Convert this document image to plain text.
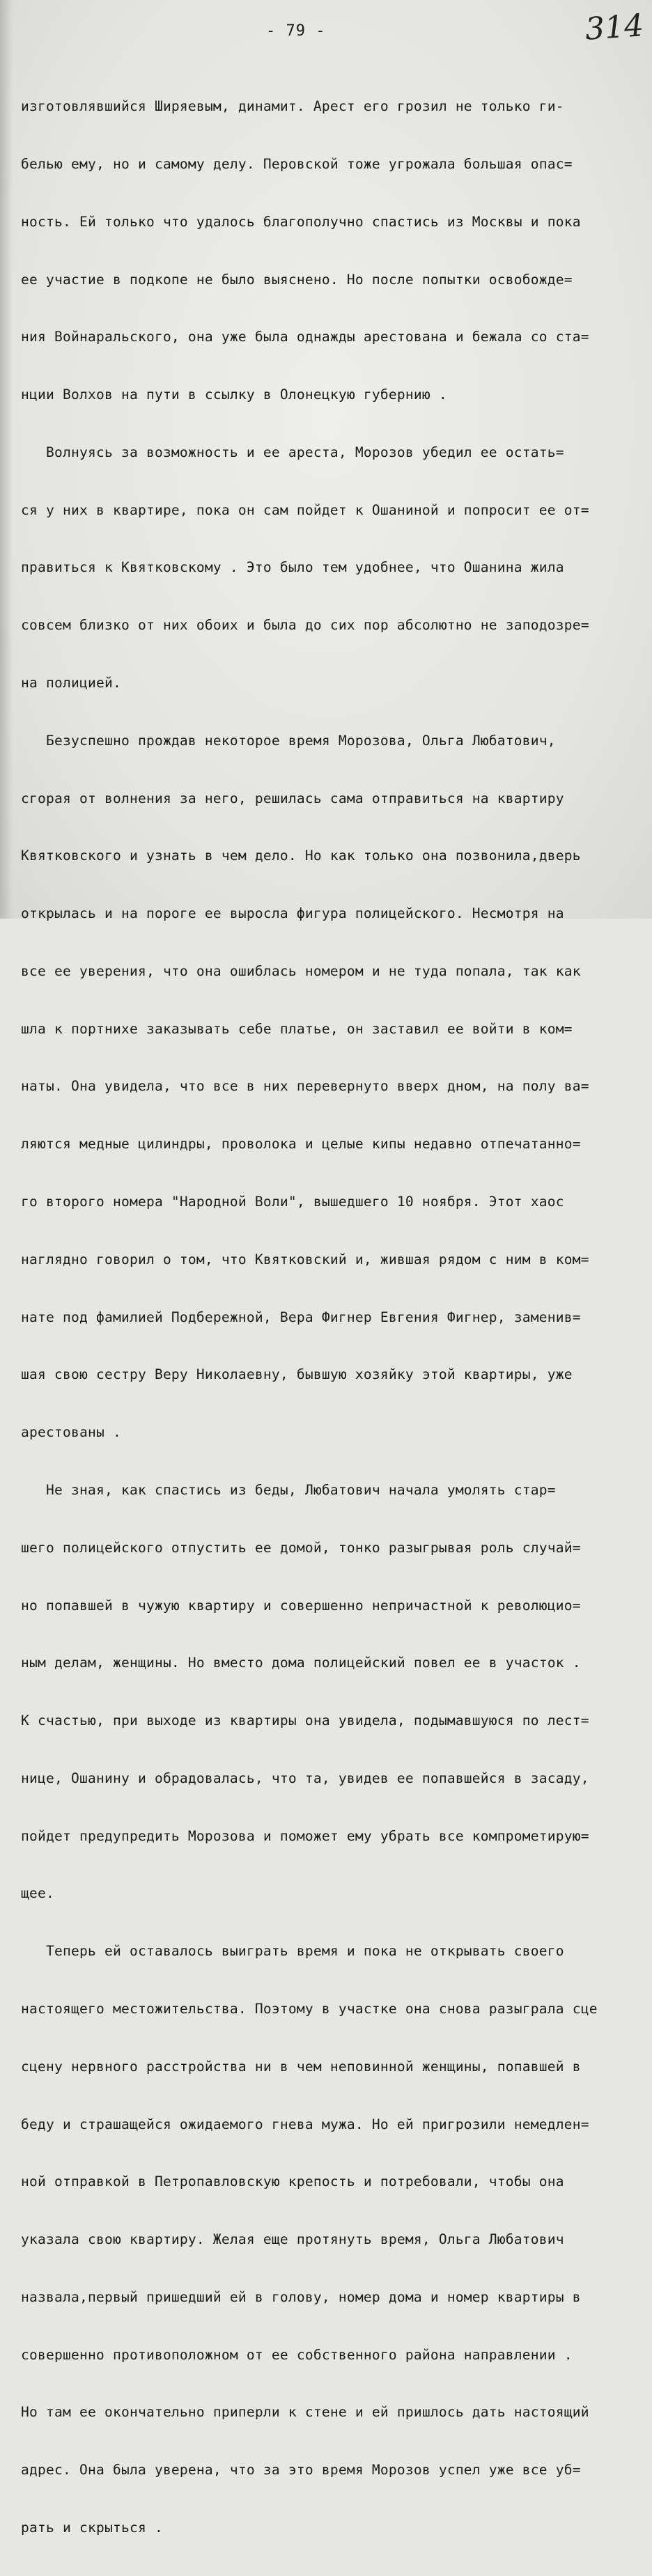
- 79 -	314

изготовлявшийся Ширяевым, динамит. Арест его грозил не только ги-

белью ему, но и самому делу. Перовской тоже угрожала большая опас=

ность. Ей только что удалось благополучно спастись из Москвы и пока

ее участие в подкопе не было выяснено. Но после попытки освобожде=

ния Войнаральского, она уже была однажды арестована и бежала со ста=

нции Волхов на пути в ссылку в Олонецкую губернию .

Волнуясь за возможность и ее ареста, Морозов убедил ее остать=

ся у них в квартире, пока он сам пойдет к Ошаниной и попросит ее от=

правиться к Квятковскому . Это было тем удобнее, что Ошанина жила

совсем близко от них обоих и была до сих пор абсолютно не заподозре=

на полицией.

Безуспешно прождав некоторое время Морозова, Ольга Любатович,

сгорая от волнения за него, решилась сама отправиться на квартиру

Квятковского и узнать в чем дело. Но как только она позвонила,дверь

открылась и на пороге ее выросла фигура полицейского. Несмотря на

все ее уверения, что она ошиблась номером и не туда попала, так как

шла к портнихе заказывать себе платье, он заставил ее войти в ком=

наты. Она увидела, что все в них перевернуто вверх дном, на полу ва=

ляются медные цилиндры, проволока и целые кипы недавно отпечатанно=

го второго номера "Народной Воли", вышедшего 10 ноября. Этот хаос

наглядно говорил о том, что Квятковский и, жившая рядом с ним в ком=

нате под фамилией Подбережной, Вера Фигнер Евгения Фигнер, заменив=

шая свою сестру Веру Николаевну, бывшую хозяйку этой квартиры, уже

арестованы .

Не зная, как спастись из беды, Любатович начала умолять стар=

шего полицейского отпустить ее домой, тонко разыгрывая роль случай=

но попавшей в чужую квартиру и совершенно непричастной к революцио=

ным делам, женщины. Но вместо дома полицейский повел ее в участок .

К счастью, при выходе из квартиры она увидела, подымавшуюся по лест=

нице, Ошанину и обрадовалась, что та, увидев ее попавшейся в засаду,

пойдет предупредить Морозова и поможет ему убрать все компрометирую=

щее.

Теперь ей оставалось выиграть время и пока не открывать своего

настоящего местожительства. Поэтому в участке она снова разыграла сце

сцену нервного расстройства ни в чем неповинной женщины, попавшей в

беду и страшащейся ожидаемого гнева мужа. Но ей пригрозили немедлен=

ной отправкой в Петропавловскую крепость и потребовали, чтобы она

указала свою квартиру. Желая еще протянуть время, Ольга Любатович

назвала,первый пришедший ей в голову, номер дома и номер квартиры в

совершенно противоположном от ее собственного района направлении .

Но там ее окончательно приперли к стене и ей пришлось дать настоящий

адрес. Она была уверена, что за это время Морозов успел уже все уб=

рать и скрыться .
